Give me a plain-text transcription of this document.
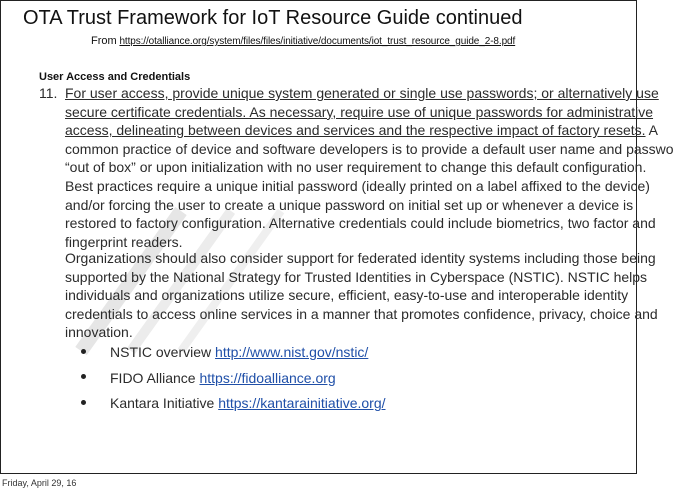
OTA Trust Framework for IoT Resource Guide continued
From https://otalliance.org/system/files/files/initiative/documents/iot_trust_resource_guide_2-8.pdf
User Access and Credentials
11. For user access, provide unique system generated or single use passwords; or alternatively use
secure certificate credentials. As necessary, require use of unique passwords for administrative
access, delineating between devices and services and the respective impact of factory resets. A
common practice of device and software developers is to provide a default user name and passwo
“out of box” or upon initialization with no user requirement to change this default configuration.
Best practices require a unique initial password (ideally printed on a label affixed to the device)
and/or forcing the user to create a unique password on initial set up or whenever a device is
restored to factory configuration. Alternative credentials could include biometrics, two factor and
fingerprint readers.
Organizations should also consider support for federated identity systems including those being
supported by the National Strategy for Trusted Identities in Cyberspace (NSTIC). NSTIC helps
individuals and organizations utilize secure, efficient, easy-to-use and interoperable identity
credentials to access online services in a manner that promotes confidence, privacy, choice and
innovation.
NSTIC overview http://www.nist.gov/nstic/
FIDO Alliance https://fidoalliance.org
Kantara Initiative https://kantarainitiative.org/
Friday, April 29, 16
